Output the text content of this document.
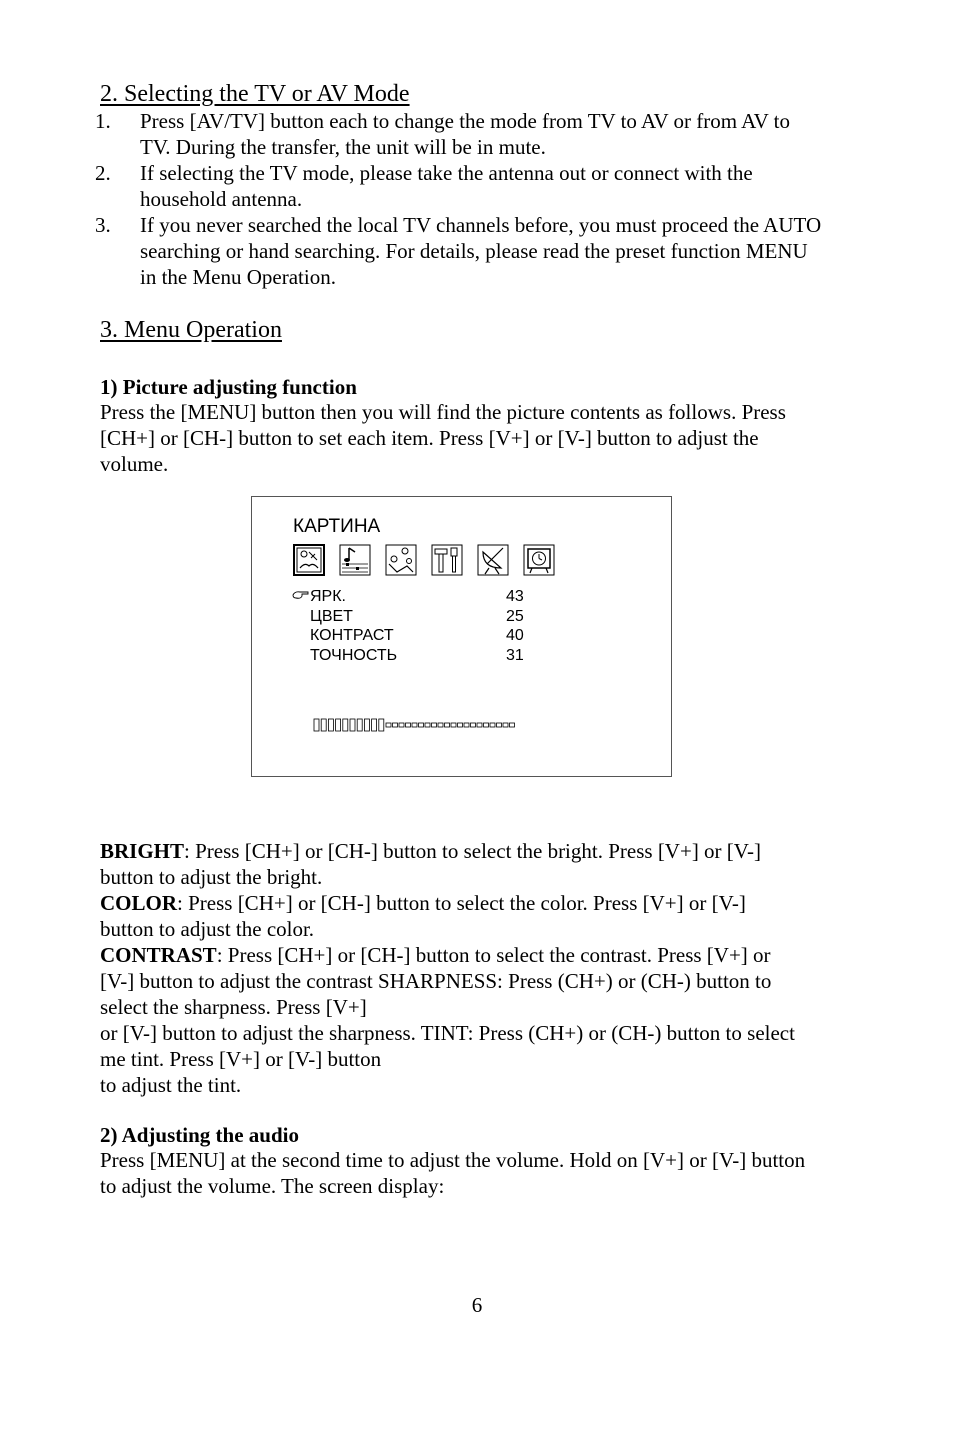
2. Selecting the TV or AV Mode
1. Press [AV/TV] button each to change the mode from TV to AV or from AV to
TV. During the transfer, the unit will be in mute.
2. If selecting the TV mode, please take the antenna out or connect with the
household antenna.
3. If you never searched the local TV channels before, you must proceed the AUTO
searching or hand searching. For details, please read the preset function MENU
in the Menu Operation.
3. Menu Operation
1) Picture adjusting function
Press the [MENU] button then you will find the picture contents as follows. Press
[CH+] or [CH-] button to set each item. Press [V+] or [V-] button to adjust the
volume.
КАРТИНА
ЯРК.	43
ЦВЕТ	25
КОНТРАСТ	40
ТОЧНОСТЬ	31
BRIGHT: Press [CH+] or [CH-] button to select the bright. Press [V+] or [V-]
button to adjust the bright.
COLOR: Press [CH+] or [CH-] button to select the color. Press [V+] or [V-]
button to adjust the color.
CONTRAST: Press [CH+] or [CH-] button to select the contrast. Press [V+] or
[V-] button to adjust the contrast SHARPNESS: Press (CH+) or (CH-) button to
select the sharpness. Press [V+]
or [V-] button to adjust the sharpness. TINT: Press (CH+) or (CH-) button to select
me tint. Press [V+] or [V-] button
to adjust the tint.
2) Adjusting the audio
Press [MENU] at the second time to adjust the volume. Hold on [V+] or [V-] button
to adjust the volume. The screen display:
6
